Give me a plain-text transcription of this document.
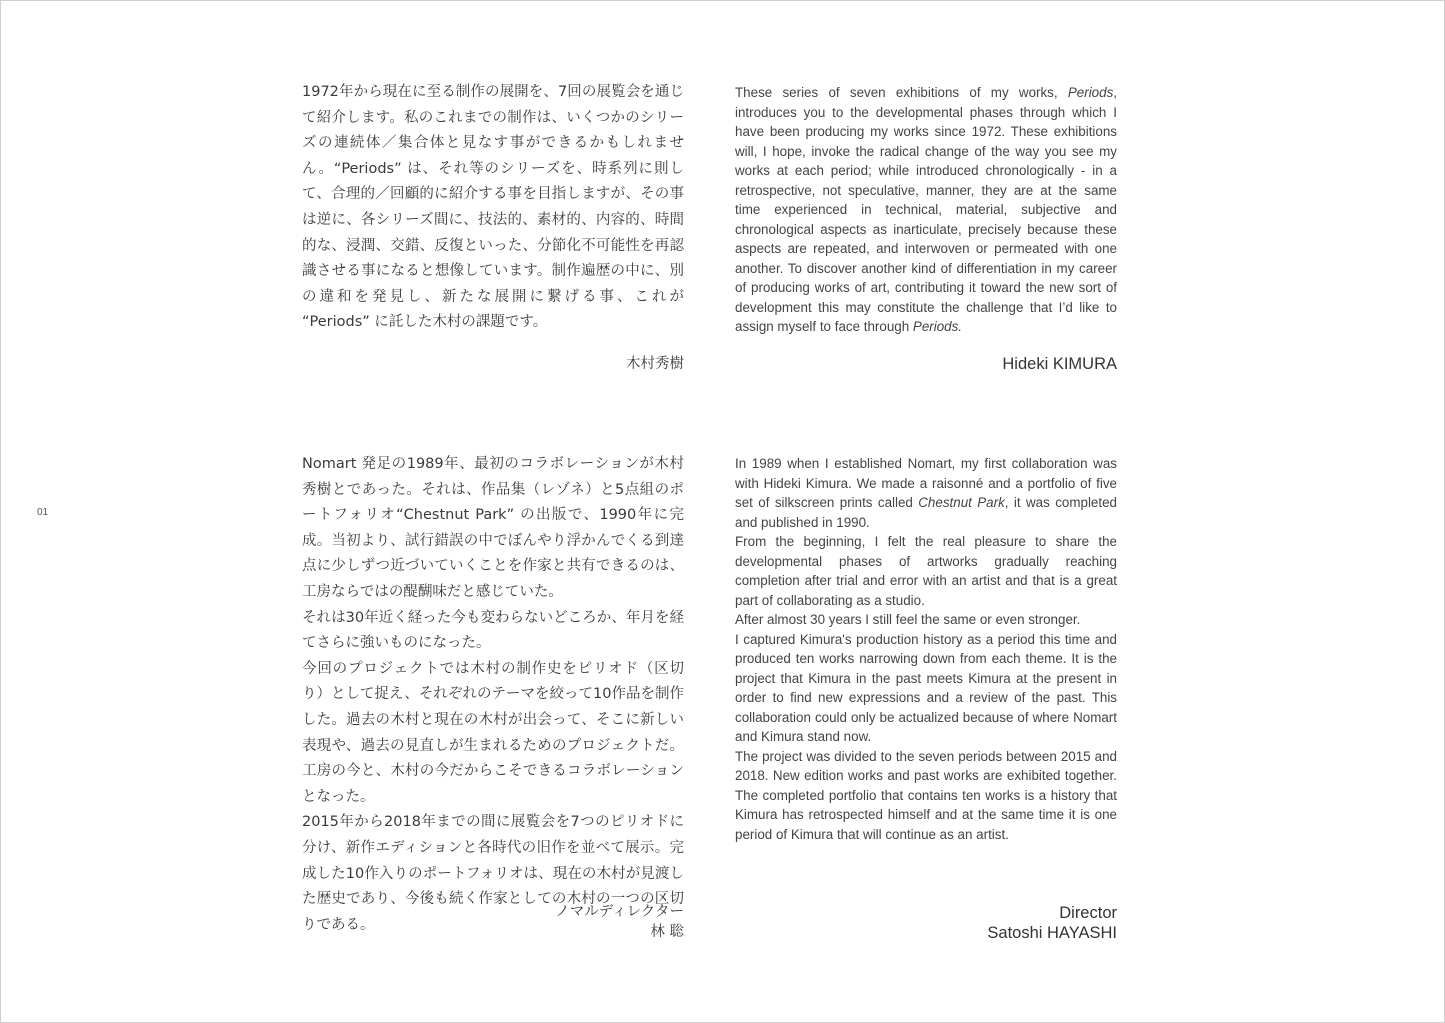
1972年から現在に至る制作の展開を、7回の展覧会を通じて紹介します。私のこれまでの制作は、いくつかのシリーズの連続体／集合体と見なす事ができるかもしれません。“Periods” は、それ等のシリーズを、時系列に則して、合理的／回顧的に紹介する事を目指しますが、その事は逆に、各シリーズ間に、技法的、素材的、内容的、時間的な、浸潤、交錯、反復といった、分節化不可能性を再認識させる事になると想像しています。制作遍歴の中に、別の違和を発見し、新たな展開に繋げる事、これが “Periods” に託した木村の課題です。

木村秀樹

These series of seven exhibitions of my works, Periods, introduces you to the developmental phases through which I have been producing my works since 1972. These exhibitions will, I hope, invoke the radical change of the way you see my works at each period; while introduced chronologically - in a retrospective, not speculative, manner, they are at the same time experienced in technical, material, subjective and chronological aspects as inarticulate, precisely because these aspects are repeated, and interwoven or permeated with one another. To discover another kind of differentiation in my career of producing works of art, contributing it toward the new sort of development this may constitute the challenge that I’d like to assign myself to face through Periods.

Hideki KIMURA
01

Nomart 発足の1989年、最初のコラボレーションが木村秀樹とであった。それは、作品集（レゾネ）と5点組のポートフォリオ“Chestnut Park” の出版で、1990年に完成。当初より、試行錯誤の中でぼんやり浮かんでくる到達点に少しずつ近づいていくことを作家と共有できるのは、工房ならではの醍醐味だと感じていた。

それは30年近く経った今も変わらないどころか、年月を経てさらに強いものになった。

今回のプロジェクトでは木村の制作史をピリオド（区切り）として捉え、それぞれのテーマを絞って10作品を制作した。過去の木村と現在の木村が出会って、そこに新しい表現や、過去の見直しが生まれるためのプロジェクトだ。工房の今と、木村の今だからこそできるコラボレーションとなった。

2015年から2018年までの間に展覧会を7つのピリオドに分け、新作エディションと各時代の旧作を並べて展示。完成した10作入りのポートフォリオは、現在の木村が見渡した歴史であり、今後も続く作家としての木村の一つの区切りである。

ノマルディレクター
林 聡

In 1989 when I established Nomart, my first collaboration was with Hideki Kimura. We made a raisonné and a portfolio of five set of silkscreen prints called Chestnut Park, it was completed and published in 1990.

From the beginning, I felt the real pleasure to share the developmental phases of artworks gradually reaching completion after trial and error with an artist and that is a great part of collaborating as a studio.

After almost 30 years I still feel the same or even stronger.

I captured Kimura's production history as a period this time and produced ten works narrowing down from each theme. It is the project that Kimura in the past meets Kimura at the present in order to find new expressions and a review of the past. This collaboration could only be actualized because of where Nomart and Kimura stand now.

The project was divided to the seven periods between 2015 and 2018. New edition works and past works are exhibited together. The completed portfolio that contains ten works is a history that Kimura has retrospected himself and at the same time it is one period of Kimura that will continue as an artist.

Director
Satoshi HAYASHI
